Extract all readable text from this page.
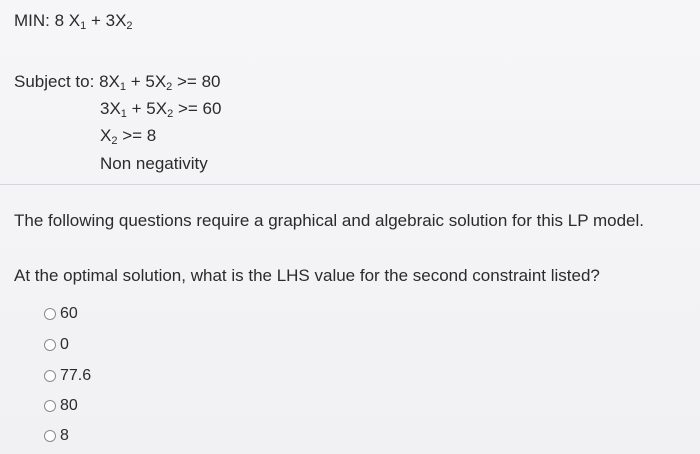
MIN: 8 $X_1 + 3X_2$
Subject to: $8X_1 + 5X_2 >= 80$
$3X_1 + 5X_2 >= 60$
$X_2 >= 8$
Non negativity
The following questions require a graphical and algebraic solution for this LP model.
At the optimal solution, what is the LHS value for the second constraint listed?
60
0
77.6
80
8
